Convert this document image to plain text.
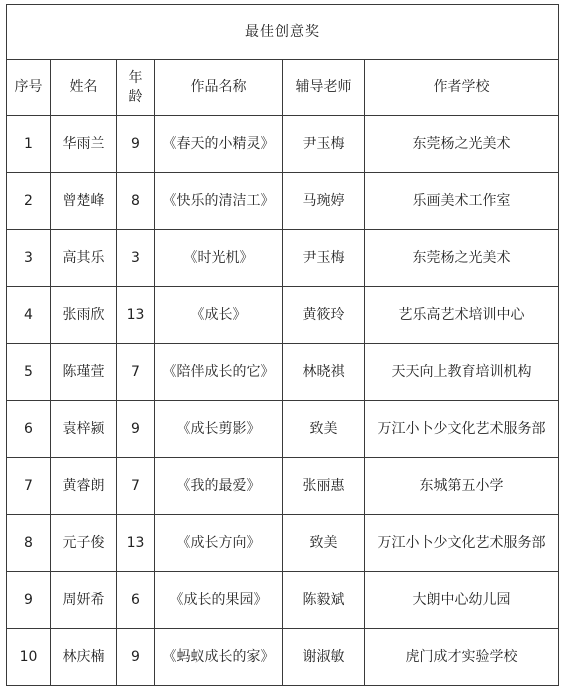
最佳创意奖					
序号	姓名	年龄	作品名称	辅导老师	作者学校
1	华雨兰	9	《春天的小精灵》	尹玉梅	东莞杨之光美术
2	曾楚峰	8	《快乐的清洁工》	马琬婷	乐画美术工作室
3	高其乐	3	《时光机》	尹玉梅	东莞杨之光美术
4	张雨欣	13	《成长》	黄筱玲	艺乐高艺术培训中心
5	陈瑾萱	7	《陪伴成长的它》	林晓祺	天天向上教育培训机构
6	袁梓颍	9	《成长剪影》	致美	万江小卜少文化艺术服务部
7	黄睿朗	7	《我的最爱》	张丽惠	东城第五小学
8	元子俊	13	《成长方向》	致美	万江小卜少文化艺术服务部
9	周妍希	6	《成长的果园》	陈毅斌	大朗中心幼儿园
10	林庆楠	9	《蚂蚁成长的家》	谢淑敏	虎门成才实验学校
